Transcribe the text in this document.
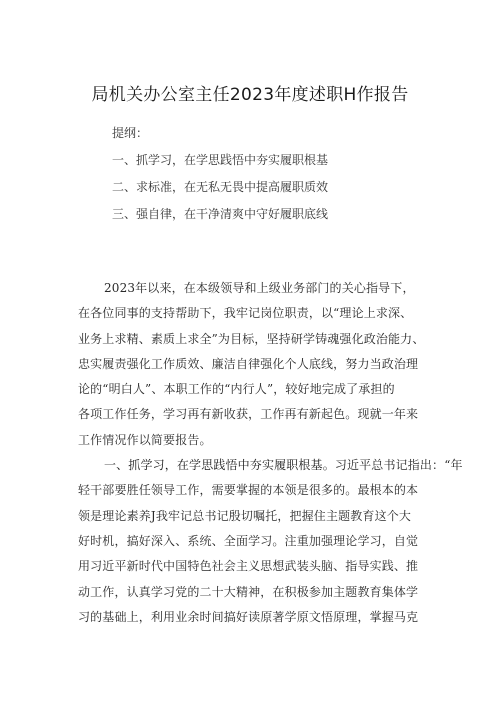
局机关办公室主任2023年度述职H作报告
提纲：
一、抓学习，在学思践悟中夯实履职根基
二、求标准，在无私无畏中提高履职质效
三、强自律，在干净清爽中守好履职底线
2023年以来，在本级领导和上级业务部门的关心指导下，
在各位同事的支持帮助下，我牢记岗位职责，以“理论上求深、
业务上求精、素质上求全”为目标，坚持研学铸魂强化政治能力、
忠实履责强化工作质效、廉洁自律强化个人底线，努力当政治理
论的“明白人”、本职工作的“内行人”，较好地完成了承担的
各项工作任务，学习再有新收获，工作再有新起色。现就一年来
工作情况作以简要报告。
一、抓学习，在学思践悟中夯实履职根基。习近平总书记指出：“年
轻干部要胜任领导工作，需要掌握的本领是很多的。最根本的本
领是理论素养J我牢记总书记殷切嘱托，把握住主题教育这个大
好时机，搞好深入、系统、全面学习。注重加强理论学习，自觉
用习近平新时代中国特色社会主义思想武装头脑、指导实践、推
动工作，认真学习党的二十大精神，在积极参加主题教育集体学
习的基础上，利用业余时间搞好读原著学原文悟原理，掌握马克
